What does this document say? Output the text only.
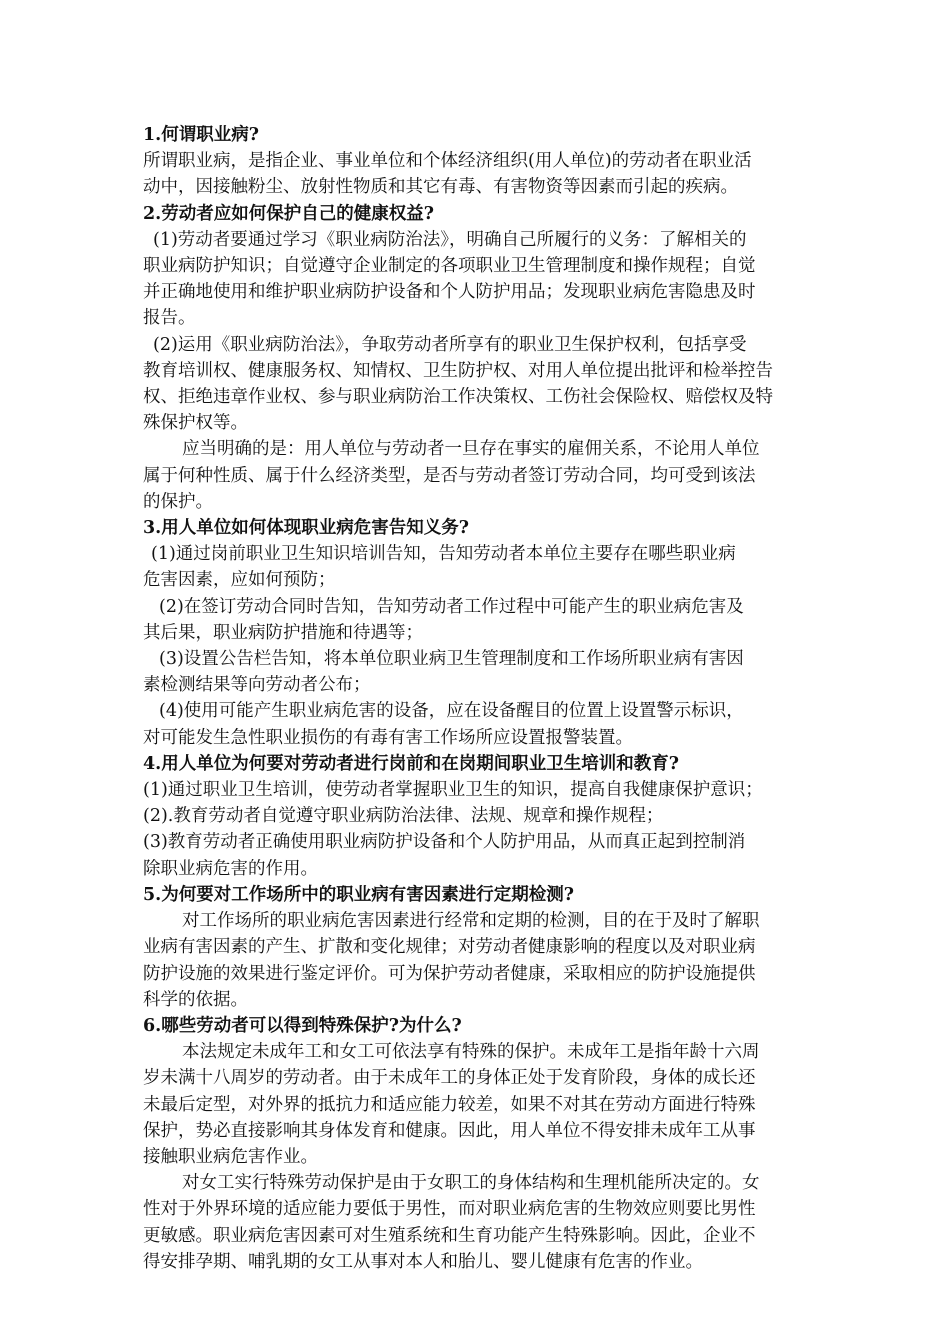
1.何谓职业病?
所谓职业病，是指企业、事业单位和个体经济组织(用人单位)的劳动者在职业活
动中，因接触粉尘、放射性物质和其它有毒、有害物资等因素而引起的疾病。
2.劳动者应如何保护自己的健康权益?
(1)劳动者要通过学习《职业病防治法》，明确自己所履行的义务：了解相关的
职业病防护知识；自觉遵守企业制定的各项职业卫生管理制度和操作规程；自觉
并正确地使用和维护职业病防护设备和个人防护用品；发现职业病危害隐患及时
报告。
(2)运用《职业病防治法》，争取劳动者所享有的职业卫生保护权利，包括享受
教育培训权、健康服务权、知情权、卫生防护权、对用人单位提出批评和检举控告
权、拒绝违章作业权、参与职业病防治工作决策权、工伤社会保险权、赔偿权及特
殊保护权等。
应当明确的是：用人单位与劳动者一旦存在事实的雇佣关系，不论用人单位
属于何种性质、属于什么经济类型，是否与劳动者签订劳动合同，均可受到该法
的保护。
3.用人单位如何体现职业病危害告知义务?
(1)通过岗前职业卫生知识培训告知，告知劳动者本单位主要存在哪些职业病
危害因素，应如何预防；
(2)在签订劳动合同时告知，告知劳动者工作过程中可能产生的职业病危害及
其后果，职业病防护措施和待遇等；
(3)设置公告栏告知，将本单位职业病卫生管理制度和工作场所职业病有害因
素检测结果等向劳动者公布；
(4)使用可能产生职业病危害的设备，应在设备醒目的位置上设置警示标识，
对可能发生急性职业损伤的有毒有害工作场所应设置报警装置。
4.用人单位为何要对劳动者进行岗前和在岗期间职业卫生培训和教育?
(1)通过职业卫生培训，使劳动者掌握职业卫生的知识，提高自我健康保护意识；
(2).教育劳动者自觉遵守职业病防治法律、法规、规章和操作规程；
(3)教育劳动者正确使用职业病防护设备和个人防护用品，从而真正起到控制消
除职业病危害的作用。
5.为何要对工作场所中的职业病有害因素进行定期检测?
对工作场所的职业病危害因素进行经常和定期的检测，目的在于及时了解职
业病有害因素的产生、扩散和变化规律；对劳动者健康影响的程度以及对职业病
防护设施的效果进行鉴定评价。可为保护劳动者健康，采取相应的防护设施提供
科学的依据。
6.哪些劳动者可以得到特殊保护?为什么?
本法规定未成年工和女工可依法享有特殊的保护。未成年工是指年龄十六周
岁未满十八周岁的劳动者。由于未成年工的身体正处于发育阶段，身体的成长还
未最后定型，对外界的抵抗力和适应能力较差，如果不对其在劳动方面进行特殊
保护，势必直接影响其身体发育和健康。因此，用人单位不得安排未成年工从事
接触职业病危害作业。
对女工实行特殊劳动保护是由于女职工的身体结构和生理机能所决定的。女
性对于外界环境的适应能力要低于男性，而对职业病危害的生物效应则要比男性
更敏感。职业病危害因素可对生殖系统和生育功能产生特殊影响。因此，企业不
得安排孕期、哺乳期的女工从事对本人和胎儿、婴儿健康有危害的作业。
